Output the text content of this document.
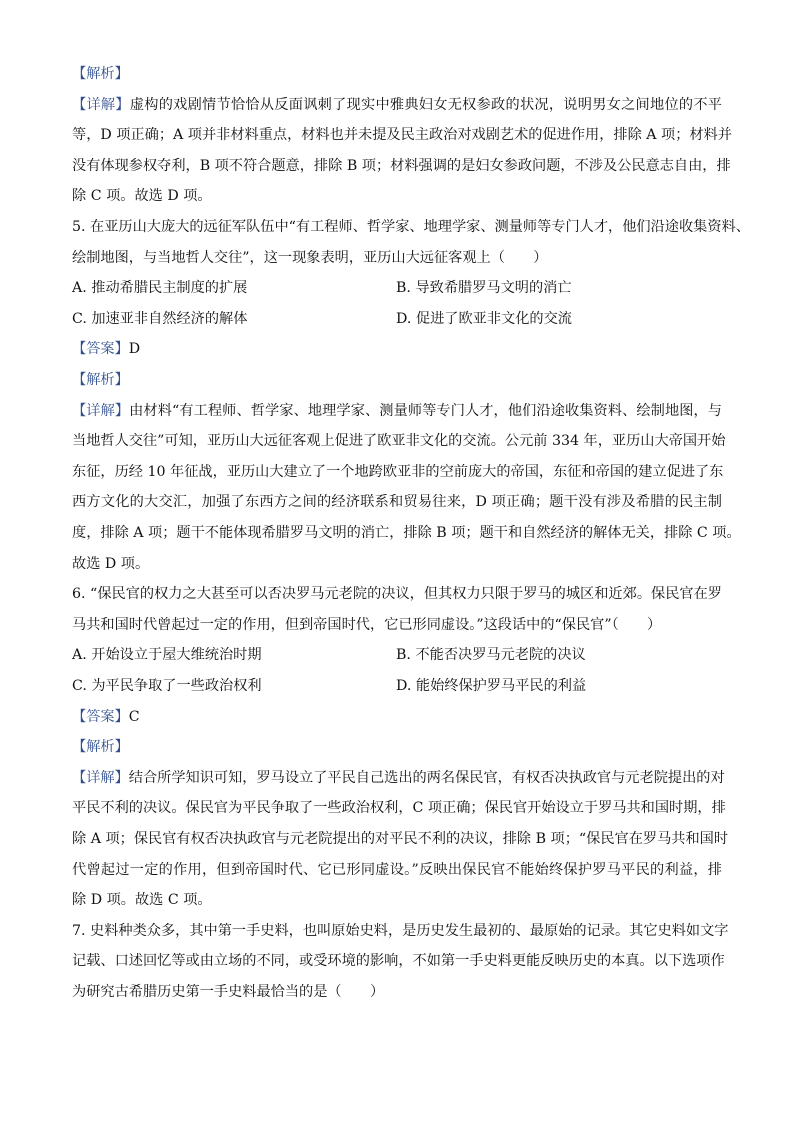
【解析】
【详解】虚构的戏剧情节恰恰从反面讽刺了现实中雅典妇女无权参政的状况，说明男女之间地位的不平
等，D 项正确；A 项并非材料重点，材料也并未提及民主政治对戏剧艺术的促进作用，排除 A 项；材料并
没有体现参权夺利，B 项不符合题意，排除 B 项；材料强调的是妇女参政问题，不涉及公民意志自由，排
除 C 项。故选 D 项。
5. 在亚历山大庞大的远征军队伍中“有工程师、哲学家、地理学家、测量师等专门人才，他们沿途收集资料、
绘制地图，与当地哲人交往”，这一现象表明，亚历山大远征客观上（　　）
A. 推动希腊民主制度的扩展	B. 导致希腊罗马文明的消亡
C. 加速亚非自然经济的解体	D. 促进了欧亚非文化的交流
【答案】D
【解析】
【详解】由材料“有工程师、哲学家、地理学家、测量师等专门人才，他们沿途收集资料、绘制地图，与
当地哲人交往”可知，亚历山大远征客观上促进了欧亚非文化的交流。公元前 334 年，亚历山大帝国开始
东征，历经 10 年征战，亚历山大建立了一个地跨欧亚非的空前庞大的帝国，东征和帝国的建立促进了东
西方文化的大交汇，加强了东西方之间的经济联系和贸易往来，D 项正确；题干没有涉及希腊的民主制
度，排除 A 项；题干不能体现希腊罗马文明的消亡，排除 B 项；题干和自然经济的解体无关，排除 C 项。
故选 D 项。
6. “保民官的权力之大甚至可以否决罗马元老院的决议，但其权力只限于罗马的城区和近郊。保民官在罗
马共和国时代曾起过一定的作用，但到帝国时代，它已形同虚设。”这段话中的“保民官”（　　）
A. 开始设立于屋大维统治时期	B. 不能否决罗马元老院的决议
C. 为平民争取了一些政治权利	D. 能始终保护罗马平民的利益
【答案】C
【解析】
【详解】结合所学知识可知，罗马设立了平民自己选出的两名保民官，有权否决执政官与元老院提出的对
平民不利的决议。保民官为平民争取了一些政治权利，C 项正确；保民官开始设立于罗马共和国时期，排
除 A 项；保民官有权否决执政官与元老院提出的对平民不利的决议，排除 B 项；“保民官在罗马共和国时
代曾起过一定的作用，但到帝国时代、它已形同虚设。”反映出保民官不能始终保护罗马平民的利益，排
除 D 项。故选 C 项。
7. 史料种类众多，其中第一手史料，也叫原始史料，是历史发生最初的、最原始的记录。其它史料如文字
记载、口述回忆等或由立场的不同，或受环境的影响，不如第一手史料更能反映历史的本真。以下选项作
为研究古希腊历史第一手史料最恰当的是（　　）
